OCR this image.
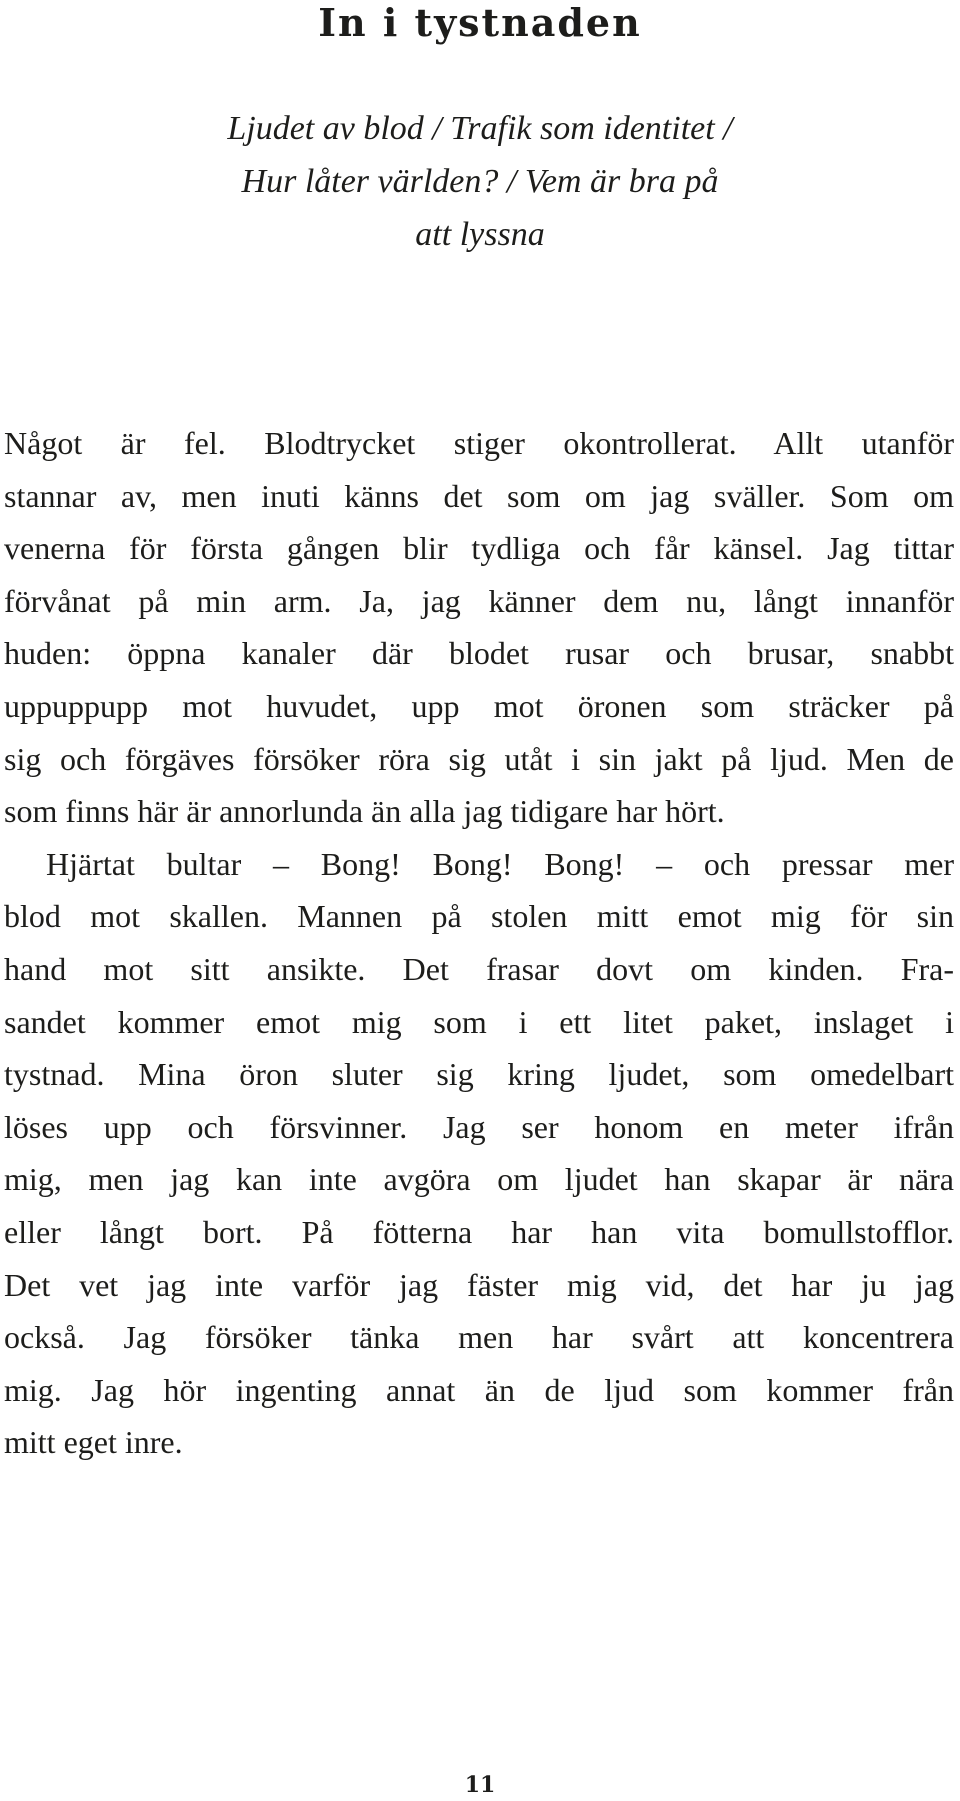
In i tystnaden

Ljudet av blod / Trafik som identitet /
Hur låter världen? / Vem är bra på
att lyssna

Något är fel. Blodtrycket stiger okontrollerat. Allt utanför
stannar av, men inuti känns det som om jag sväller. Som om
venerna för första gången blir tydliga och får känsel. Jag tittar
förvånat på min arm. Ja, jag känner dem nu, långt innanför
huden: öppna kanaler där blodet rusar och brusar, snabbt
uppuppupp mot huvudet, upp mot öronen som sträcker på
sig och förgäves försöker röra sig utåt i sin jakt på ljud. Men de
som finns här är annorlunda än alla jag tidigare har hört.
Hjärtat bultar – Bong! Bong! Bong! – och pressar mer
blod mot skallen. Mannen på stolen mitt emot mig för sin
hand mot sitt ansikte. Det frasar dovt om kinden. Fra-
sandet kommer emot mig som i ett litet paket, inslaget i
tystnad. Mina öron sluter sig kring ljudet, som omedelbart
löses upp och försvinner. Jag ser honom en meter ifrån
mig, men jag kan inte avgöra om ljudet han skapar är nära
eller långt bort. På fötterna har han vita bomullstofflor.
Det vet jag inte varför jag fäster mig vid, det har ju jag
också. Jag försöker tänka men har svårt att koncentrera
mig. Jag hör ingenting annat än de ljud som kommer från
mitt eget inre.
11
